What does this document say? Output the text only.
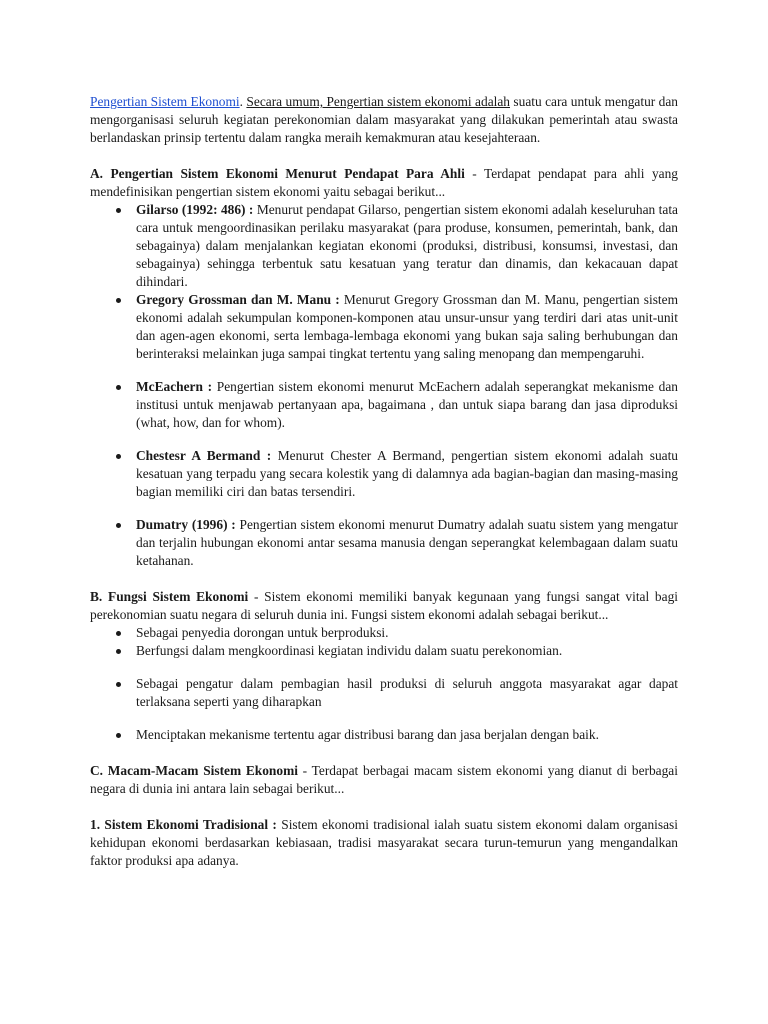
Pengertian Sistem Ekonomi. Secara umum, Pengertian sistem ekonomi adalah suatu cara untuk mengatur dan mengorganisasi seluruh kegiatan perekonomian dalam masyarakat yang dilakukan pemerintah atau swasta berlandaskan prinsip tertentu dalam rangka meraih kemakmuran atau kesejahteraan.

A. Pengertian Sistem Ekonomi Menurut Pendapat Para Ahli - Terdapat pendapat para ahli yang mendefinisikan pengertian sistem ekonomi yaitu sebagai berikut...

Gilarso (1992: 486) : Menurut pendapat Gilarso, pengertian sistem ekonomi adalah keseluruhan tata cara untuk mengoordinasikan perilaku masyarakat (para produse, konsumen, pemerintah, bank, dan sebagainya) dalam menjalankan kegiatan ekonomi (produksi, distribusi, konsumsi, investasi, dan sebagainya) sehingga terbentuk satu kesatuan yang teratur dan dinamis, dan kekacauan dapat dihindari.
Gregory Grossman dan M. Manu : Menurut Gregory Grossman dan M. Manu, pengertian sistem ekonomi adalah sekumpulan komponen-komponen atau unsur-unsur yang terdiri dari atas unit-unit dan agen-agen ekonomi, serta lembaga-lembaga ekonomi yang bukan saja saling berhubungan dan berinteraksi melainkan juga sampai tingkat tertentu yang saling menopang dan mempengaruhi.
McEachern : Pengertian sistem ekonomi menurut McEachern adalah seperangkat mekanisme dan institusi untuk menjawab pertanyaan apa, bagaimana , dan untuk siapa barang dan jasa diproduksi (what, how, dan for whom).
Chestesr A Bermand : Menurut Chester A Bermand, pengertian sistem ekonomi adalah suatu kesatuan yang terpadu yang secara kolestik yang di dalamnya ada bagian-bagian dan masing-masing bagian memiliki ciri dan batas tersendiri.
Dumatry (1996) : Pengertian sistem ekonomi menurut Dumatry adalah suatu sistem yang mengatur dan terjalin hubungan ekonomi antar sesama manusia dengan seperangkat kelembagaan dalam suatu ketahanan.

B. Fungsi Sistem Ekonomi - Sistem ekonomi memiliki banyak kegunaan yang fungsi sangat vital bagi perekonomian suatu negara di seluruh dunia ini. Fungsi sistem ekonomi adalah sebagai berikut...

Sebagai penyedia dorongan untuk berproduksi.
Berfungsi dalam mengkoordinasi kegiatan individu dalam suatu perekonomian.
Sebagai pengatur dalam pembagian hasil produksi di seluruh anggota masyarakat agar dapat terlaksana seperti yang diharapkan
Menciptakan mekanisme tertentu agar distribusi barang dan jasa berjalan dengan baik.

C. Macam-Macam Sistem Ekonomi - Terdapat berbagai macam sistem ekonomi yang dianut di berbagai negara di dunia ini antara lain sebagai berikut...

1. Sistem Ekonomi Tradisional : Sistem ekonomi tradisional ialah suatu sistem ekonomi dalam organisasi kehidupan ekonomi berdasarkan kebiasaan, tradisi masyarakat secara turun-temurun yang mengandalkan faktor produksi apa adanya.
